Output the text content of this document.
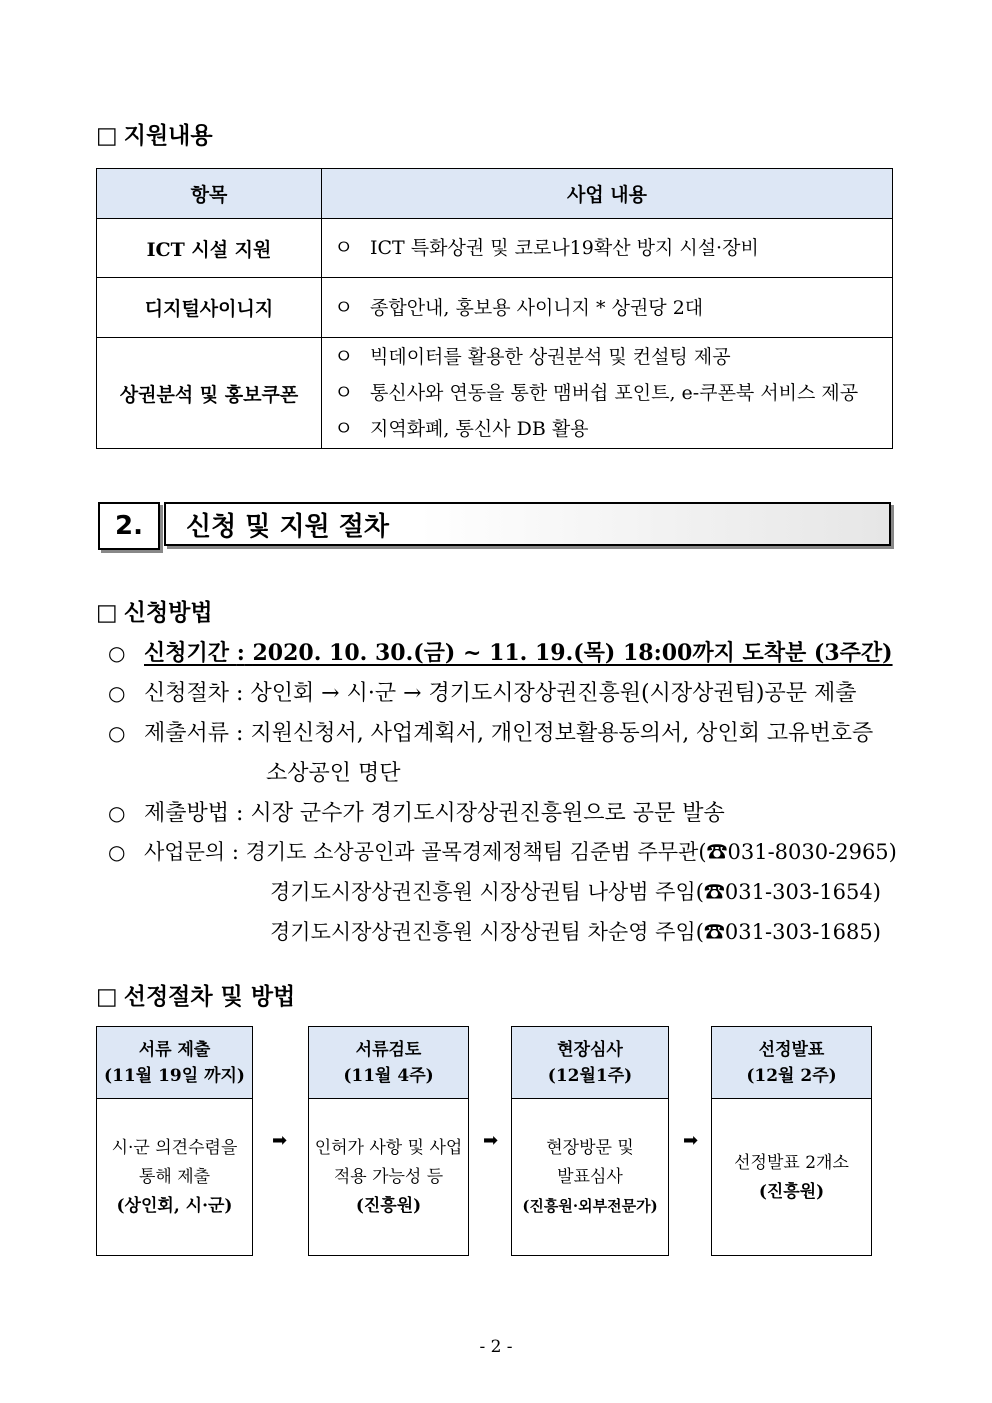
□ 지원내용
항목	사업 내용
ICT 시설 지원	ㅇ ICT 특화상권 및 코로나19확산 방지 시설·장비
디지털사이니지	ㅇ 종합안내, 홍보용 사이니지 * 상권당 2대
상권분석 및 홍보쿠폰	ㅇ 빅데이터를 활용한 상권분석 및 컨설팅 제공
ㅇ 통신사와 연동을 통한 맴버쉽 포인트, e-쿠폰북 서비스 제공
ㅇ 지역화폐, 통신사 DB 활용
2.	신청 및 지원 절차
□ 신청방법
○ 신청기간 : 2020. 10. 30.(금) ~ 11. 19.(목) 18:00까지 도착분 (3주간)
○ 신청절차 : 상인회 → 시·군 → 경기도시장상권진흥원(시장상권팀)공문 제출
○ 제출서류 : 지원신청서, 사업계획서, 개인정보활용동의서, 상인회 고유번호증
소상공인 명단
○ 제출방법 : 시장 군수가 경기도시장상권진흥원으로 공문 발송
○ 사업문의 : 경기도 소상공인과 골목경제정책팀 김준범 주무관(☎031-8030-2965)
경기도시장상권진흥원 시장상권팀 나상범 주임(☎031-303-1654)
경기도시장상권진흥원 시장상권팀 차순영 주임(☎031-303-1685)
□ 선정절차 및 방법
서류 제출
(11월 19일 까지)
시·군 의견수렴을
통해 제출
(상인회, 시·군)
➡
서류검토
(11월 4주)
인허가 사항 및 사업
적용 가능성 등
(진흥원)
➡
현장심사
(12월1주)
현장방문 및
발표심사
(진흥원·외부전문가)
➡
선정발표
(12월 2주)
선정발표 2개소
(진흥원)
- 2 -
